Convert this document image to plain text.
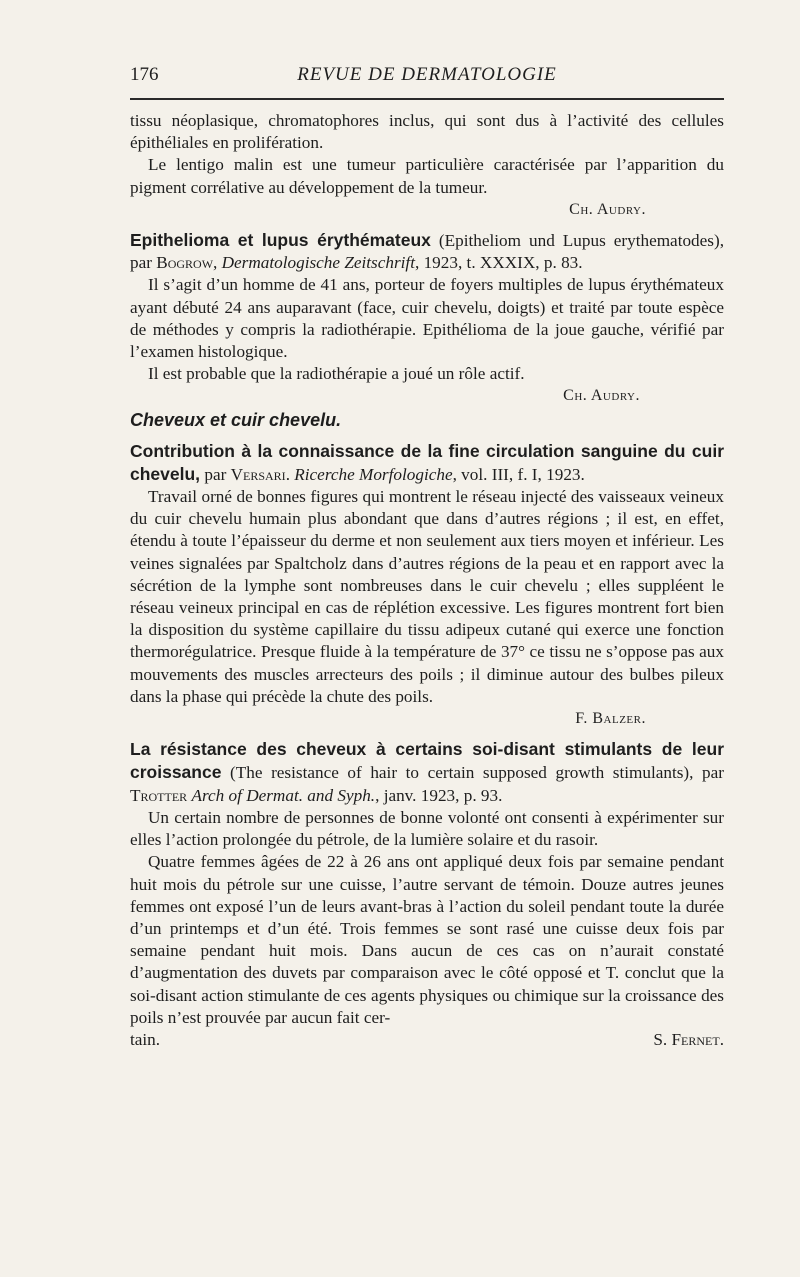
176	REVUE DE DERMATOLOGIE

tissu néoplasique, chromatophores inclus, qui sont dus à l’activité des cellules épithéliales en prolifération.

Le lentigo malin est une tumeur particulière caractérisée par l’apparition du pigment corrélative au développement de la tumeur.

Ch. Audry.

Epithelioma et lupus érythémateux (Epitheliom und Lupus erythematodes), par Bogrow, Dermatologische Zeitschrift, 1923, t. XXXIX, p. 83.

Il s’agit d’un homme de 41 ans, porteur de foyers multiples de lupus érythémateux ayant débuté 24 ans auparavant (face, cuir chevelu, doigts) et traité par toute espèce de méthodes y compris la radiothérapie. Epithélioma de la joue gauche, vérifié par l’examen histologique.

Il est probable que la radiothérapie a joué un rôle actif.

Ch. Audry.

Cheveux et cuir chevelu.

Contribution à la connaissance de la fine circulation sanguine du cuir chevelu, par Versari. Ricerche Morfologiche, vol. III, f. I, 1923.

Travail orné de bonnes figures qui montrent le réseau injecté des vaisseaux veineux du cuir chevelu humain plus abondant que dans d’autres régions ; il est, en effet, étendu à toute l’épaisseur du derme et non seulement aux tiers moyen et inférieur. Les veines signalées par Spaltcholz dans d’autres régions de la peau et en rapport avec la sécrétion de la lymphe sont nombreuses dans le cuir chevelu ; elles suppléent le réseau veineux principal en cas de réplétion excessive. Les figures montrent fort bien la disposition du système capillaire du tissu adipeux cutané qui exerce une fonction thermorégulatrice. Presque fluide à la température de 37° ce tissu ne s’oppose pas aux mouvements des muscles arrecteurs des poils ; il diminue autour des bulbes pileux dans la phase qui précède la chute des poils.

F. Balzer.

La résistance des cheveux à certains soi-disant stimulants de leur croissance (The resistance of hair to certain supposed growth stimulants), par Trotter Arch of Dermat. and Syph., janv. 1923, p. 93.

Un certain nombre de personnes de bonne volonté ont consenti à expérimenter sur elles l’action prolongée du pétrole, de la lumière solaire et du rasoir.

Quatre femmes âgées de 22 à 26 ans ont appliqué deux fois par semaine pendant huit mois du pétrole sur une cuisse, l’autre servant de témoin. Douze autres jeunes femmes ont exposé l’un de leurs avant-bras à l’action du soleil pendant toute la durée d’un printemps et d’un été. Trois femmes se sont rasé une cuisse deux fois par semaine pendant huit mois. Dans aucun de ces cas on n’aurait constaté d’augmentation des duvets par comparaison avec le côté opposé et T. conclut que la soi-disant action stimulante de ces agents physiques ou chimique sur la croissance des poils n’est prouvée par aucun fait cer-

tain.	S. Fernet.
